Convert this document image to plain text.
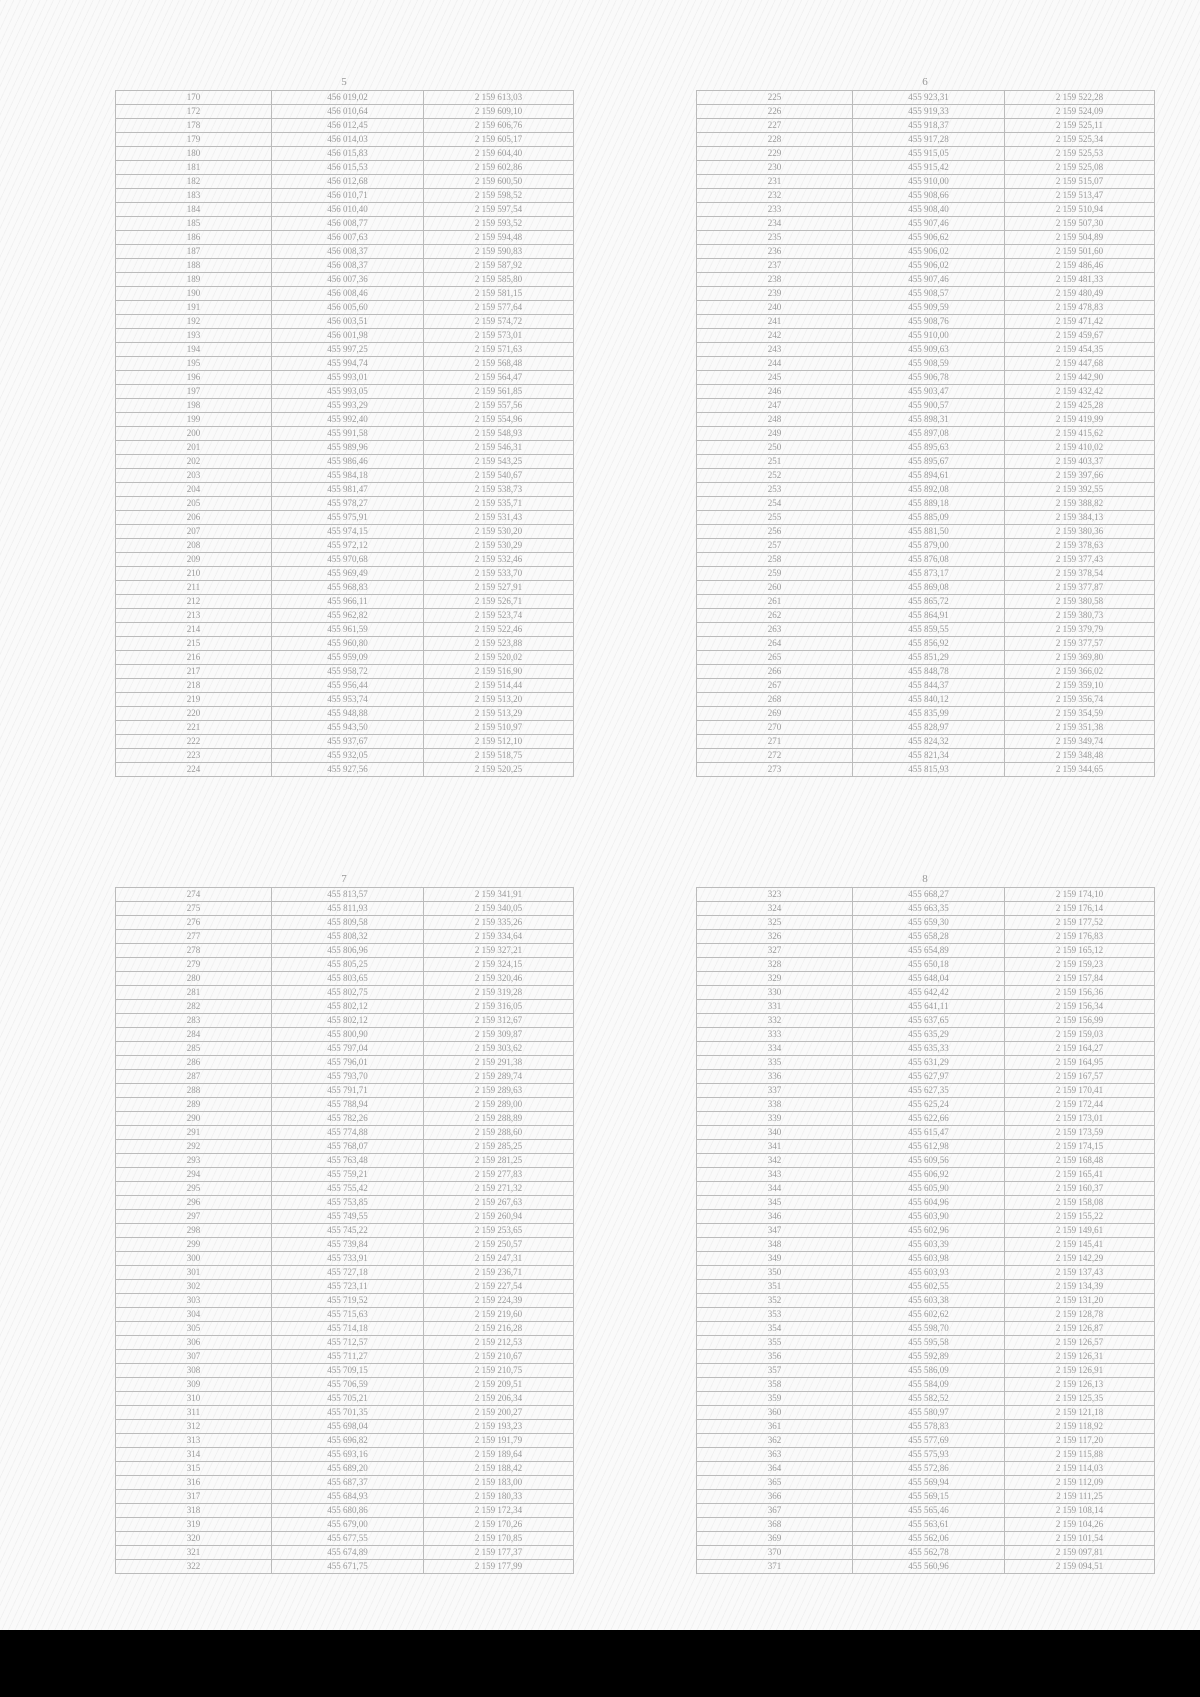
5
170	456 019,02	2 159 613,03
172	456 010,64	2 159 609,10
178	456 012,45	2 159 606,76
179	456 014,03	2 159 605,17
180	456 015,83	2 159 604,40
181	456 015,53	2 159 602,86
182	456 012,68	2 159 600,50
183	456 010,71	2 159 598,52
184	456 010,40	2 159 597,54
185	456 008,77	2 159 593,52
186	456 007,63	2 159 594,48
187	456 008,37	2 159 590,83
188	456 008,37	2 159 587,92
189	456 007,36	2 159 585,80
190	456 008,46	2 159 581,15
191	456 005,60	2 159 577,64
192	456 003,51	2 159 574,72
193	456 001,98	2 159 573,01
194	455 997,25	2 159 571,63
195	455 994,74	2 159 568,48
196	455 993,01	2 159 564,47
197	455 993,05	2 159 561,85
198	455 993,29	2 159 557,56
199	455 992,40	2 159 554,96
200	455 991,58	2 159 548,93
201	455 989,96	2 159 546,31
202	455 986,46	2 159 543,25
203	455 984,18	2 159 540,67
204	455 981,47	2 159 538,73
205	455 978,27	2 159 535,71
206	455 975,91	2 159 531,43
207	455 974,15	2 159 530,20
208	455 972,12	2 159 530,29
209	455 970,68	2 159 532,46
210	455 969,49	2 159 533,70
211	455 968,83	2 159 527,91
212	455 966,11	2 159 526,71
213	455 962,82	2 159 523,74
214	455 961,59	2 159 522,46
215	455 960,80	2 159 523,88
216	455 959,09	2 159 520,02
217	455 958,72	2 159 516,90
218	455 956,44	2 159 514,44
219	455 953,74	2 159 513,20
220	455 948,88	2 159 513,29
221	455 943,50	2 159 510,97
222	455 937,67	2 159 512,10
223	455 932,05	2 159 518,75
224	455 927,56	2 159 520,25
6
225	455 923,31	2 159 522,28
226	455 919,33	2 159 524,09
227	455 918,37	2 159 525,11
228	455 917,28	2 159 525,34
229	455 915,05	2 159 525,53
230	455 915,42	2 159 525,08
231	455 910,00	2 159 515,07
232	455 908,66	2 159 513,47
233	455 908,40	2 159 510,94
234	455 907,46	2 159 507,30
235	455 906,62	2 159 504,89
236	455 906,02	2 159 501,60
237	455 906,02	2 159 486,46
238	455 907,46	2 159 481,33
239	455 908,57	2 159 480,49
240	455 909,59	2 159 478,83
241	455 908,76	2 159 471,42
242	455 910,00	2 159 459,67
243	455 909,63	2 159 454,35
244	455 908,59	2 159 447,68
245	455 906,78	2 159 442,90
246	455 903,47	2 159 432,42
247	455 900,57	2 159 425,28
248	455 898,31	2 159 419,99
249	455 897,08	2 159 415,62
250	455 895,63	2 159 410,02
251	455 895,67	2 159 403,37
252	455 894,61	2 159 397,66
253	455 892,08	2 159 392,55
254	455 889,18	2 159 388,82
255	455 885,09	2 159 384,13
256	455 881,50	2 159 380,36
257	455 879,00	2 159 378,63
258	455 876,08	2 159 377,43
259	455 873,17	2 159 378,54
260	455 869,08	2 159 377,87
261	455 865,72	2 159 380,58
262	455 864,91	2 159 380,73
263	455 859,55	2 159 379,79
264	455 856,92	2 159 377,57
265	455 851,29	2 159 369,80
266	455 848,78	2 159 366,02
267	455 844,37	2 159 359,10
268	455 840,12	2 159 356,74
269	455 835,99	2 159 354,59
270	455 828,97	2 159 351,38
271	455 824,32	2 159 349,74
272	455 821,34	2 159 348,48
273	455 815,93	2 159 344,65
7
274	455 813,57	2 159 341,91
275	455 811,93	2 159 340,05
276	455 809,58	2 159 335,26
277	455 808,32	2 159 334,64
278	455 806,96	2 159 327,21
279	455 805,25	2 159 324,15
280	455 803,65	2 159 320,46
281	455 802,75	2 159 319,28
282	455 802,12	2 159 316,05
283	455 802,12	2 159 312,67
284	455 800,90	2 159 309,87
285	455 797,04	2 159 303,62
286	455 796,01	2 159 291,38
287	455 793,70	2 159 289,74
288	455 791,71	2 159 289,63
289	455 788,94	2 159 289,00
290	455 782,26	2 159 288,89
291	455 774,88	2 159 288,60
292	455 768,07	2 159 285,25
293	455 763,48	2 159 281,25
294	455 759,21	2 159 277,83
295	455 755,42	2 159 271,32
296	455 753,85	2 159 267,63
297	455 749,55	2 159 260,94
298	455 745,22	2 159 253,65
299	455 739,84	2 159 250,57
300	455 733,91	2 159 247,31
301	455 727,18	2 159 236,71
302	455 723,11	2 159 227,54
303	455 719,52	2 159 224,39
304	455 715,63	2 159 219,60
305	455 714,18	2 159 216,28
306	455 712,57	2 159 212,53
307	455 711,27	2 159 210,67
308	455 709,15	2 159 210,75
309	455 706,59	2 159 209,51
310	455 705,21	2 159 206,34
311	455 701,35	2 159 200,27
312	455 698,04	2 159 193,23
313	455 696,82	2 159 191,79
314	455 693,16	2 159 189,64
315	455 689,20	2 159 188,42
316	455 687,37	2 159 183,00
317	455 684,93	2 159 180,33
318	455 680,86	2 159 172,34
319	455 679,00	2 159 170,26
320	455 677,55	2 159 170,85
321	455 674,89	2 159 177,37
322	455 671,75	2 159 177,99
8
323	455 668,27	2 159 174,10
324	455 663,35	2 159 176,14
325	455 659,30	2 159 177,52
326	455 658,28	2 159 176,83
327	455 654,89	2 159 165,12
328	455 650,18	2 159 159,23
329	455 648,04	2 159 157,84
330	455 642,42	2 159 156,36
331	455 641,11	2 159 156,34
332	455 637,65	2 159 156,99
333	455 635,29	2 159 159,03
334	455 635,33	2 159 164,27
335	455 631,29	2 159 164,95
336	455 627,97	2 159 167,57
337	455 627,35	2 159 170,41
338	455 625,24	2 159 172,44
339	455 622,66	2 159 173,01
340	455 615,47	2 159 173,59
341	455 612,98	2 159 174,15
342	455 609,56	2 159 168,48
343	455 606,92	2 159 165,41
344	455 605,90	2 159 160,37
345	455 604,96	2 159 158,08
346	455 603,90	2 159 155,22
347	455 602,96	2 159 149,61
348	455 603,39	2 159 145,41
349	455 603,98	2 159 142,29
350	455 603,93	2 159 137,43
351	455 602,55	2 159 134,39
352	455 603,38	2 159 131,20
353	455 602,62	2 159 128,78
354	455 598,70	2 159 126,87
355	455 595,58	2 159 126,57
356	455 592,89	2 159 126,31
357	455 586,09	2 159 126,91
358	455 584,09	2 159 126,13
359	455 582,52	2 159 125,35
360	455 580,97	2 159 121,18
361	455 578,83	2 159 118,92
362	455 577,69	2 159 117,20
363	455 575,93	2 159 115,88
364	455 572,86	2 159 114,03
365	455 569,94	2 159 112,09
366	455 569,15	2 159 111,25
367	455 565,46	2 159 108,14
368	455 563,61	2 159 104,26
369	455 562,06	2 159 101,54
370	455 562,78	2 159 097,81
371	455 560,96	2 159 094,51
